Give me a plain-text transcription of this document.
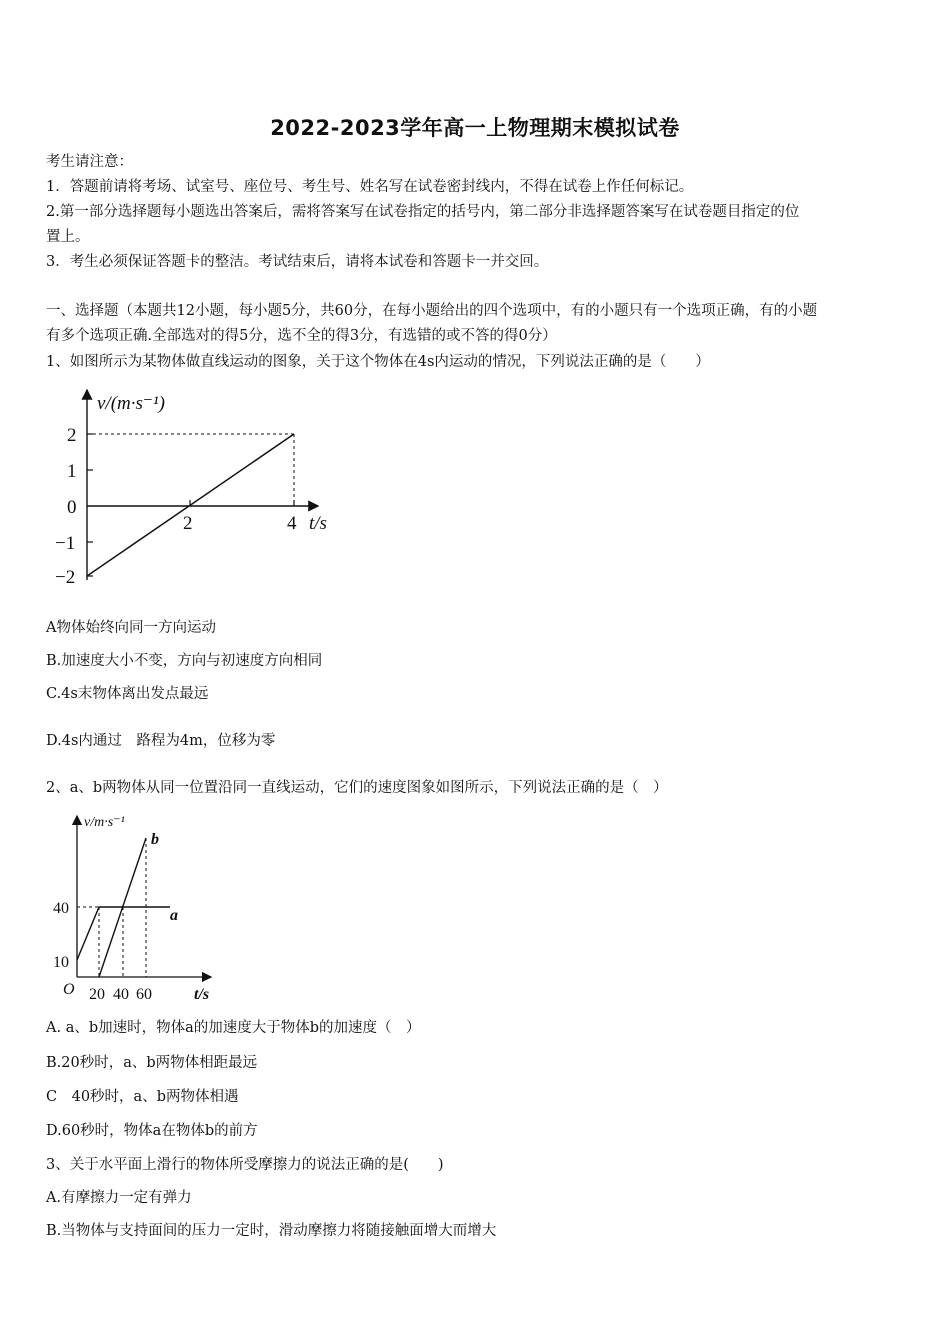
2022-2023学年高一上物理期末模拟试卷
考生请注意：
1．答题前请将考场、试室号、座位号、考生号、姓名写在试卷密封线内，不得在试卷上作任何标记。
2.第一部分选择题每小题选出答案后，需将答案写在试卷指定的括号内，第二部分非选择题答案写在试卷题目指定的位
置上。
3．考生必须保证答题卡的整洁。考试结束后，请将本试卷和答题卡一并交回。
一、选择题（本题共12小题，每小题5分，共60分，在每小题给出的四个选项中，有的小题只有一个选项正确，有的小题
有多个选项正确.全部选对的得5分，选不全的得3分，有选错的或不答的得0分）
1、如图所示为某物体做直线运动的图象，关于这个物体在4s内运动的情况，下列说法正确的是（　　）
v/(m·s⁻¹)
t/s
2
1
0
−1
−2
2	4
A物体始终向同一方向运动
B.加速度大小不变，方向与初速度方向相同
C.4s末物体离出发点最远
D.4s内通过　路程为4m，位移为零
2、a、b两物体从同一位置沿同一直线运动，它们的速度图象如图所示，下列说法正确的是（　）
v/m·s⁻¹
b
a
40
10
O 20 40 60	t/s
A. a、b加速时，物体a的加速度大于物体b的加速度（　）
B.20秒时，a、b两物体相距最远
C　40秒时，a、b两物体相遇
D.60秒时，物体a在物体b的前方
3、关于水平面上滑行的物体所受摩擦力的说法正确的是(　　)
A.有摩擦力一定有弹力
B.当物体与支持面间的压力一定时，滑动摩擦力将随接触面增大而增大
